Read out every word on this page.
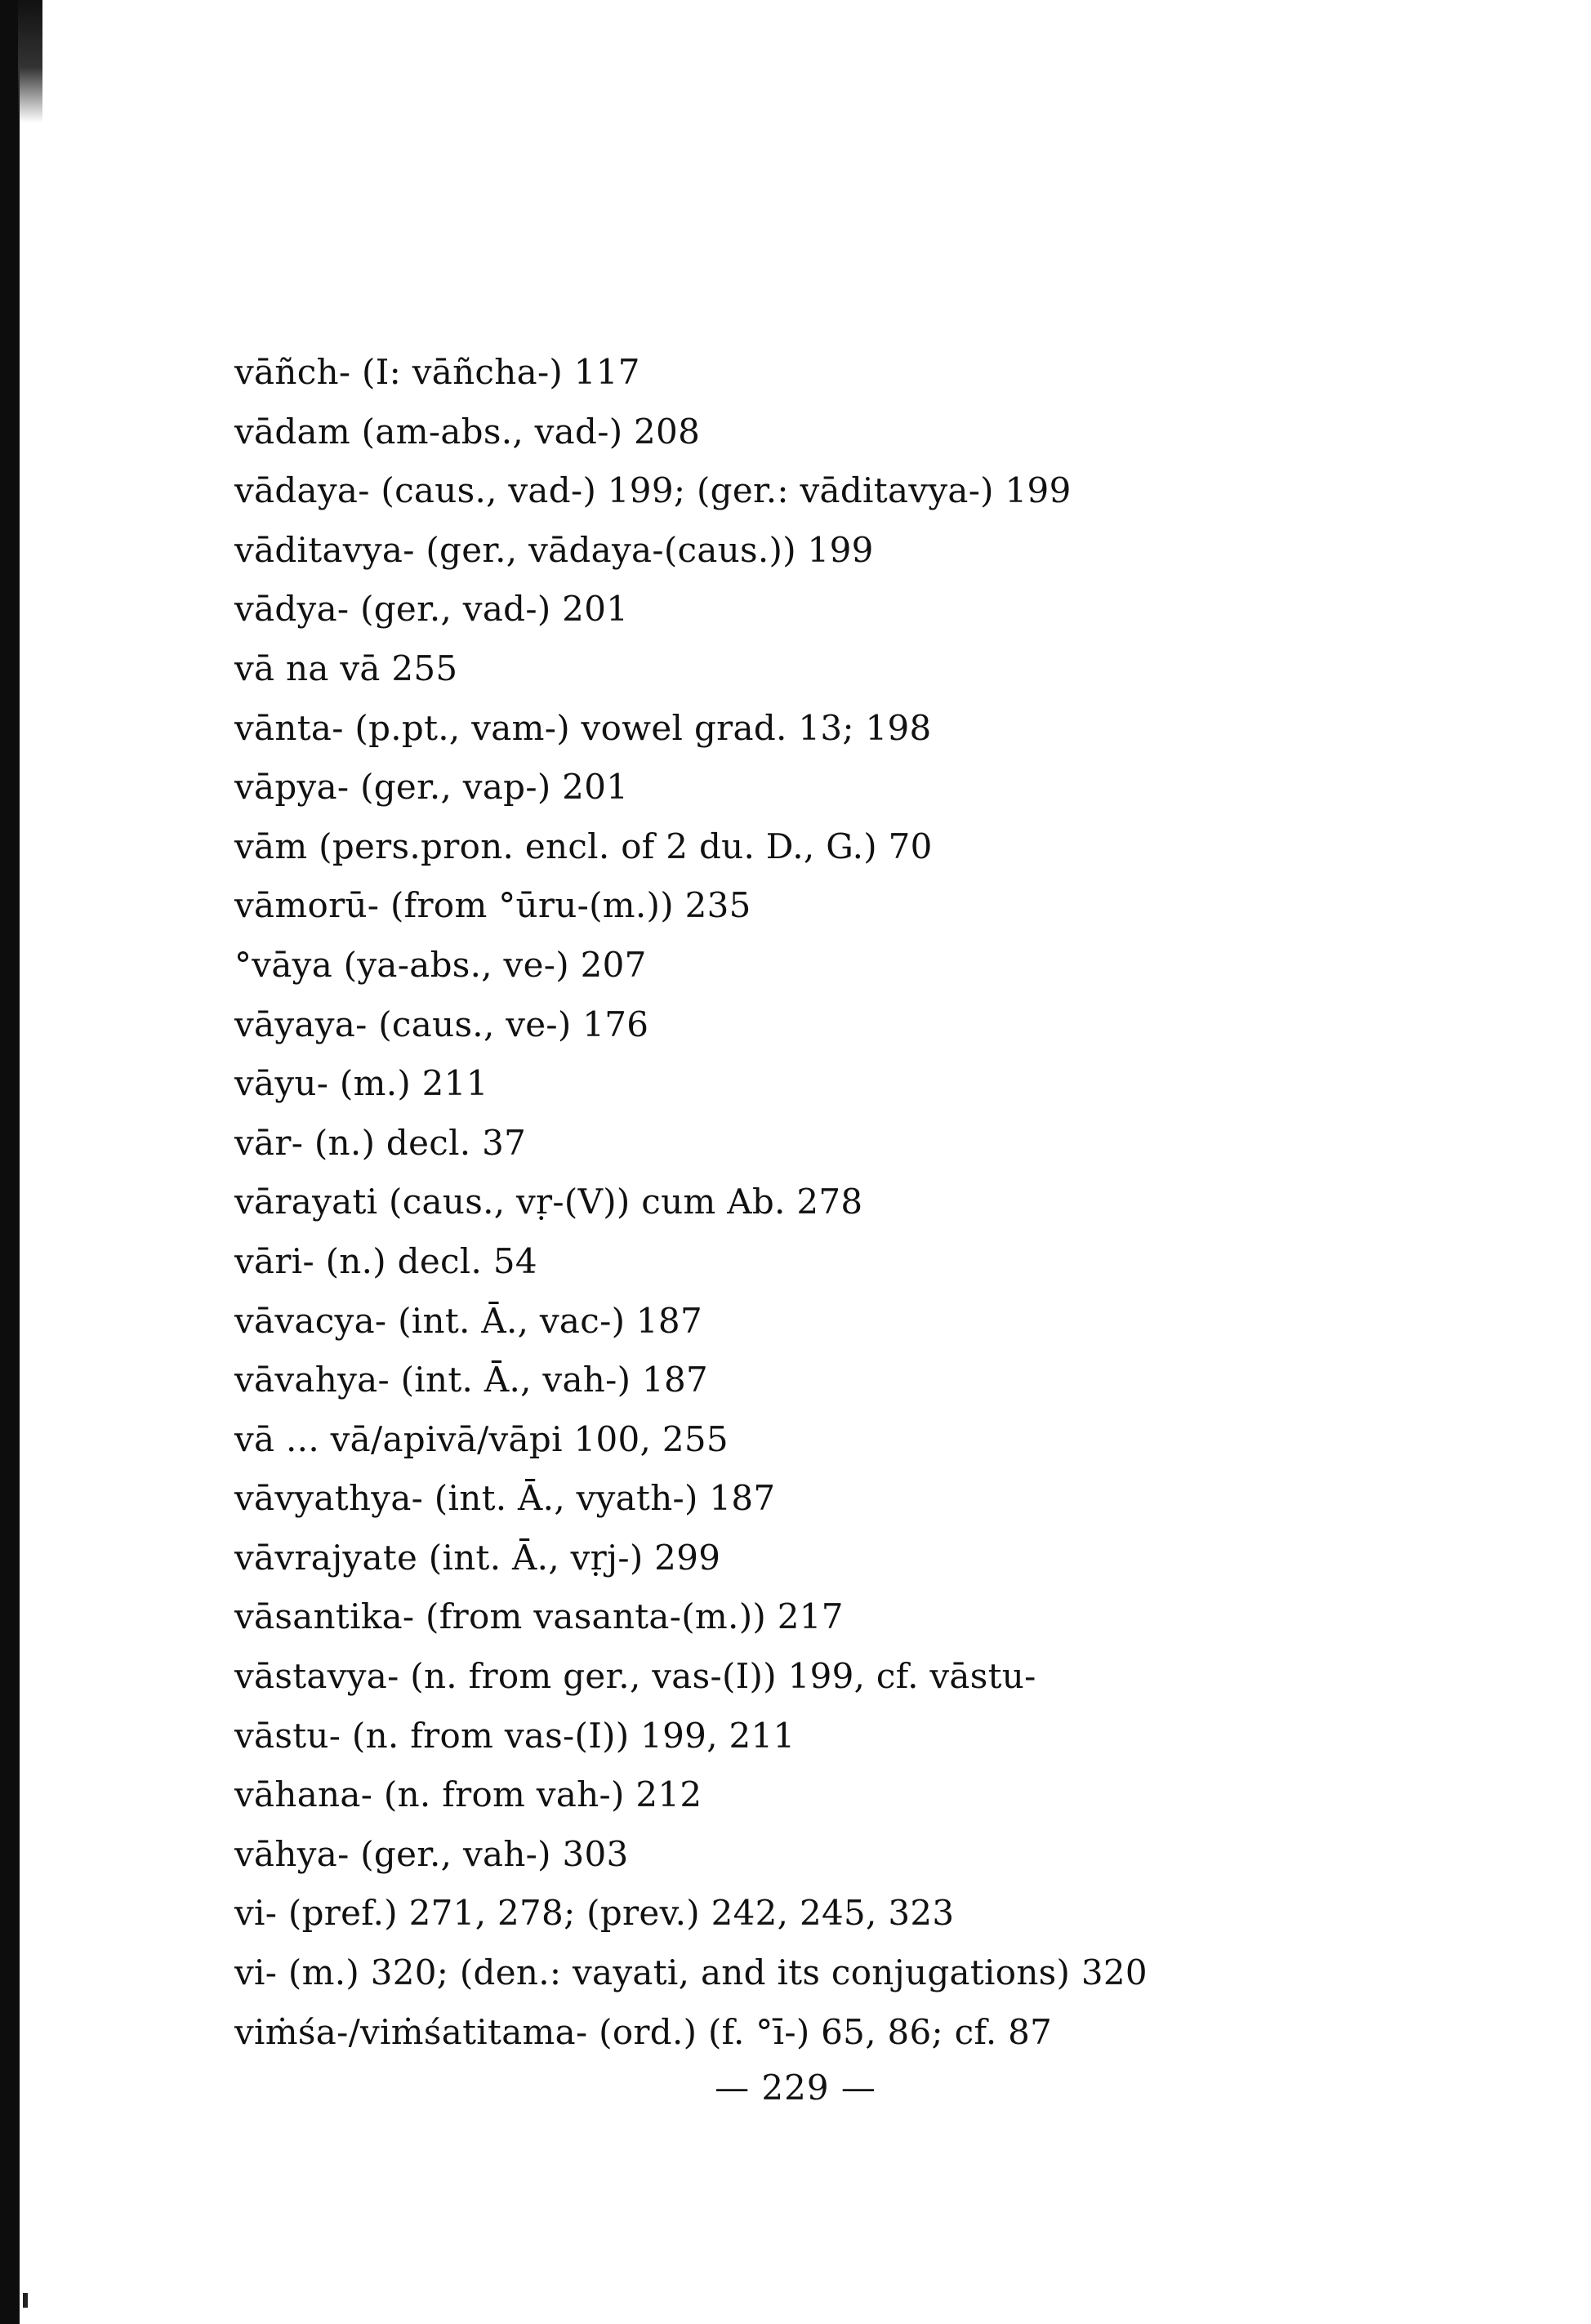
vāñch- (I: vāñcha-) 117
vādam (am-abs., vad-) 208
vādaya- (caus., vad-) 199; (ger.: vāditavya-) 199
vāditavya- (ger., vādaya-(caus.)) 199
vādya- (ger., vad-) 201
vā na vā 255
vānta- (p.pt., vam-) vowel grad. 13; 198
vāpya- (ger., vap-) 201
vām (pers.pron. encl. of 2 du. D., G.) 70
vāmorū- (from °ūru-(m.)) 235
°vāya (ya-abs., ve-) 207
vāyaya- (caus., ve-) 176
vāyu- (m.) 211
vār- (n.) decl. 37
vārayati (caus., vṛ-(V)) cum Ab. 278
vāri- (n.) decl. 54
vāvacya- (int. Ā., vac-) 187
vāvahya- (int. Ā., vah-) 187
vā ... vā/apivā/vāpi 100, 255
vāvyathya- (int. Ā., vyath-) 187
vāvrajyate (int. Ā., vṛj-) 299
vāsantika- (from vasanta-(m.)) 217
vāstavya- (n. from ger., vas-(I)) 199, cf. vāstu-
vāstu- (n. from vas-(I)) 199, 211
vāhana- (n. from vah-) 212
vāhya- (ger., vah-) 303
vi- (pref.) 271, 278; (prev.) 242, 245, 323
vi- (m.) 320; (den.: vayati, and its conjugations) 320
viṁśa-/viṁśatitama- (ord.) (f. °ī-) 65, 86; cf. 87
— 229 —
